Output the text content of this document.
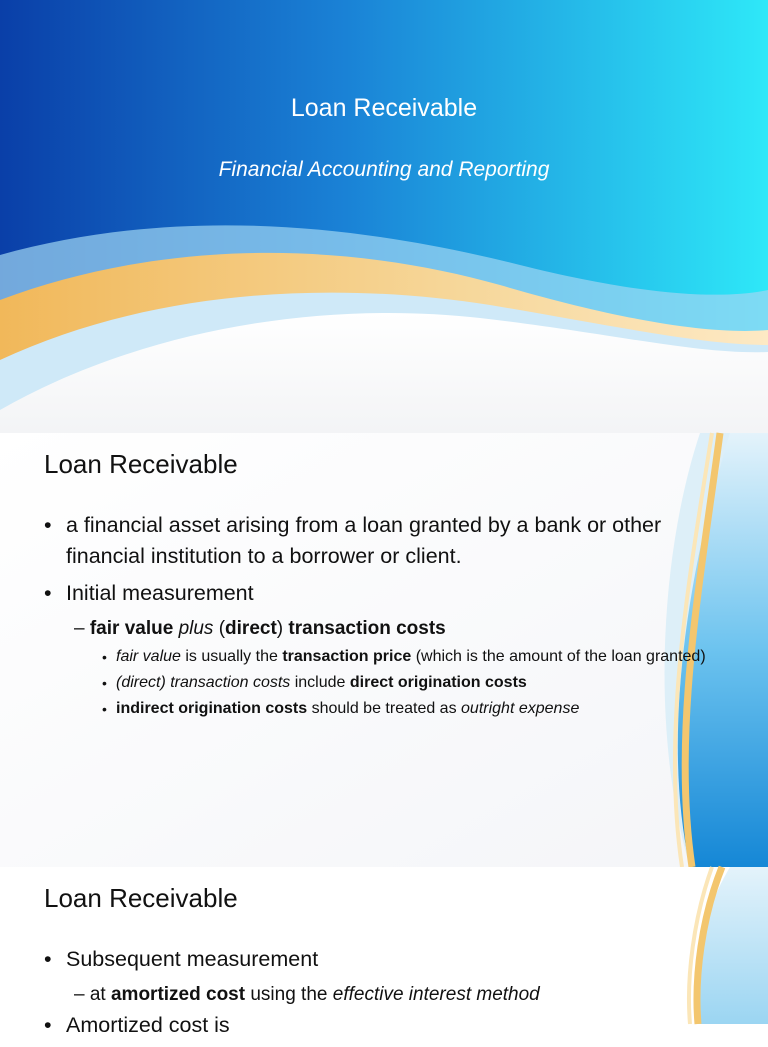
Loan Receivable
Financial Accounting and Reporting
Loan Receivable
• a financial asset arising from a loan granted by a bank or other financial institution to a borrower or client.
• Initial measurement
– fair value plus (direct) transaction costs
• fair value is usually the transaction price (which is the amount of the loan granted)
• (direct) transaction costs include direct origination costs
• indirect origination costs should be treated as outright expense
Loan Receivable
• Subsequent measurement
– at amortized cost using the effective interest method
• Amortized cost is
